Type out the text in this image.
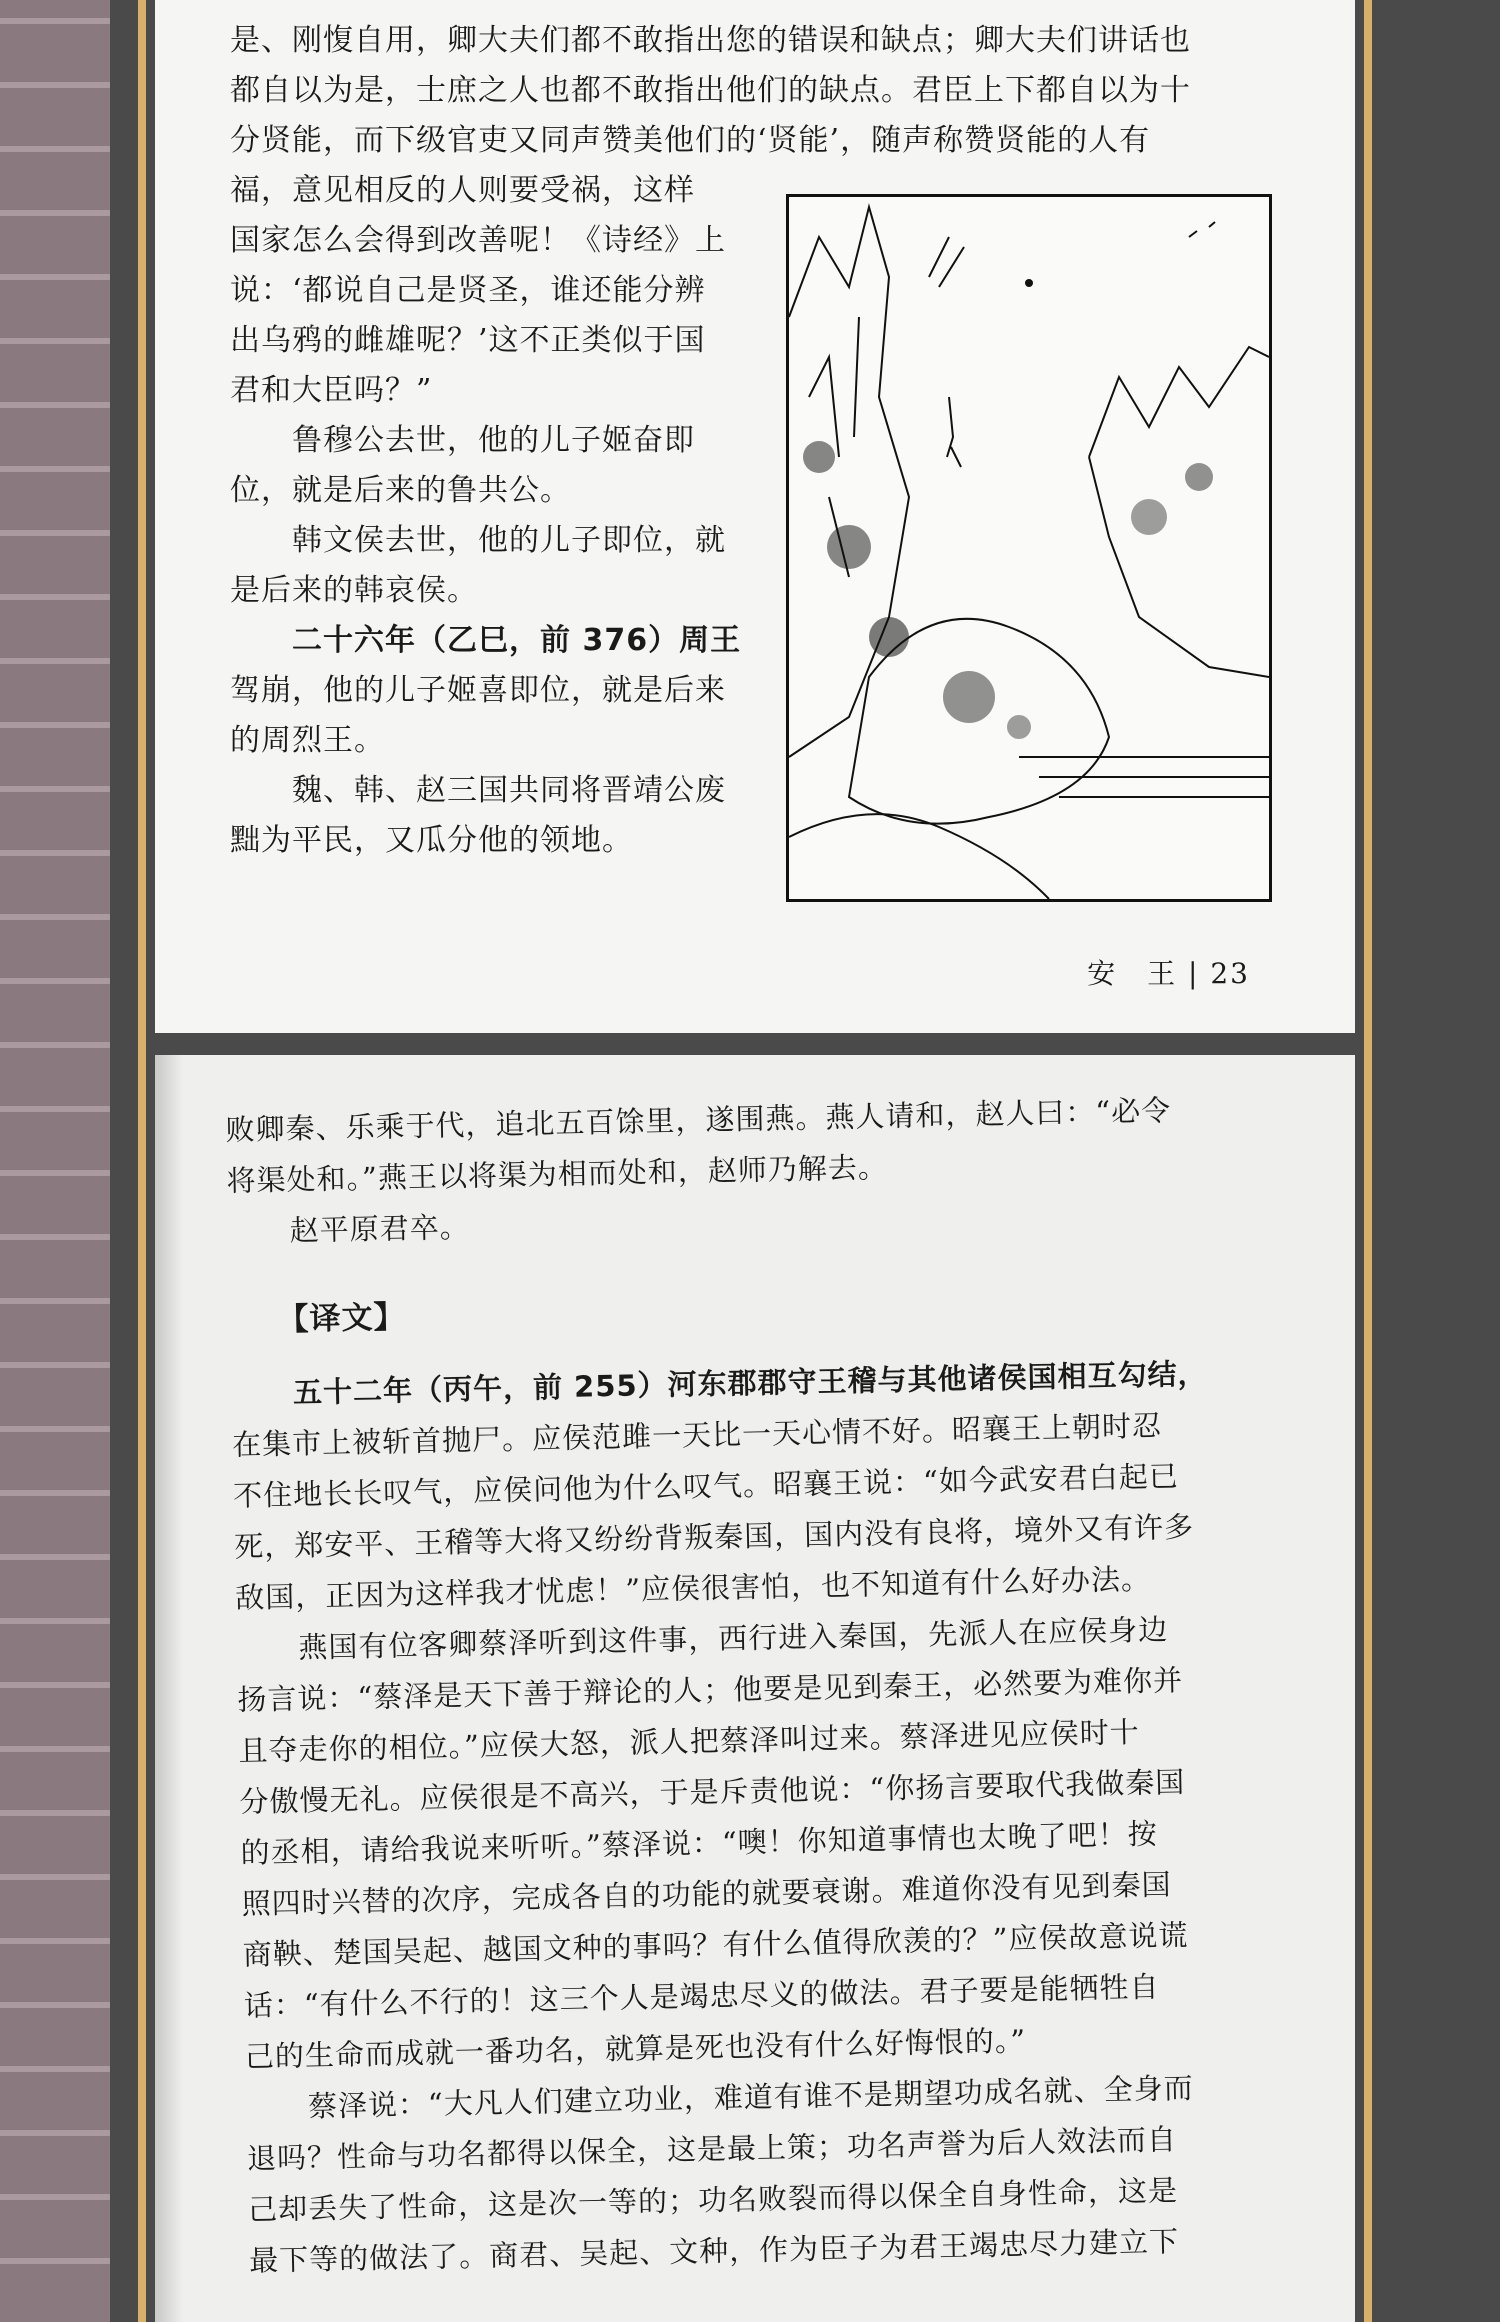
是、刚愎自用，卿大夫们都不敢指出您的错误和缺点；卿大夫们讲话也

都自以为是，士庶之人也都不敢指出他们的缺点。君臣上下都自以为十

分贤能，而下级官吏又同声赞美他们的‘贤能’，随声称赞贤能的人有

福，意见相反的人则要受祸，这样

国家怎么会得到改善呢！《诗经》上

说：‘都说自己是贤圣，谁还能分辨

出乌鸦的雌雄呢？’这不正类似于国

君和大臣吗？”

鲁穆公去世，他的儿子姬奋即

位，就是后来的鲁共公。

韩文侯去世，他的儿子即位，就

是后来的韩哀侯。

二十六年（乙巳，前 376）周王

驾崩，他的儿子姬喜即位，就是后来

的周烈王。

魏、韩、赵三国共同将晋靖公废

黜为平民，又瓜分他的领地。

安　王 | 23

败卿秦、乐乘于代，追北五百馀里，遂围燕。燕人请和，赵人曰：“必令

将渠处和。”燕王以将渠为相而处和，赵师乃解去。

赵平原君卒。

【译文】

五十二年（丙午，前 255）河东郡郡守王稽与其他诸侯国相互勾结，

在集市上被斩首抛尸。应侯范雎一天比一天心情不好。昭襄王上朝时忍

不住地长长叹气，应侯问他为什么叹气。昭襄王说：“如今武安君白起已

死，郑安平、王稽等大将又纷纷背叛秦国，国内没有良将，境外又有许多

敌国，正因为这样我才忧虑！”应侯很害怕，也不知道有什么好办法。

燕国有位客卿蔡泽听到这件事，西行进入秦国，先派人在应侯身边

扬言说：“蔡泽是天下善于辩论的人；他要是见到秦王，必然要为难你并

且夺走你的相位。”应侯大怒，派人把蔡泽叫过来。蔡泽进见应侯时十

分傲慢无礼。应侯很是不高兴，于是斥责他说：“你扬言要取代我做秦国

的丞相，请给我说来听听。”蔡泽说：“噢！你知道事情也太晚了吧！按

照四时兴替的次序，完成各自的功能的就要衰谢。难道你没有见到秦国

商鞅、楚国吴起、越国文种的事吗？有什么值得欣羡的？”应侯故意说谎

话：“有什么不行的！这三个人是竭忠尽义的做法。君子要是能牺牲自

己的生命而成就一番功名，就算是死也没有什么好悔恨的。”

蔡泽说：“大凡人们建立功业，难道有谁不是期望功成名就、全身而

退吗？性命与功名都得以保全，这是最上策；功名声誉为后人效法而自

己却丢失了性命，这是次一等的；功名败裂而得以保全自身性命，这是

最下等的做法了。商君、吴起、文种，作为臣子为君王竭忠尽力建立下
